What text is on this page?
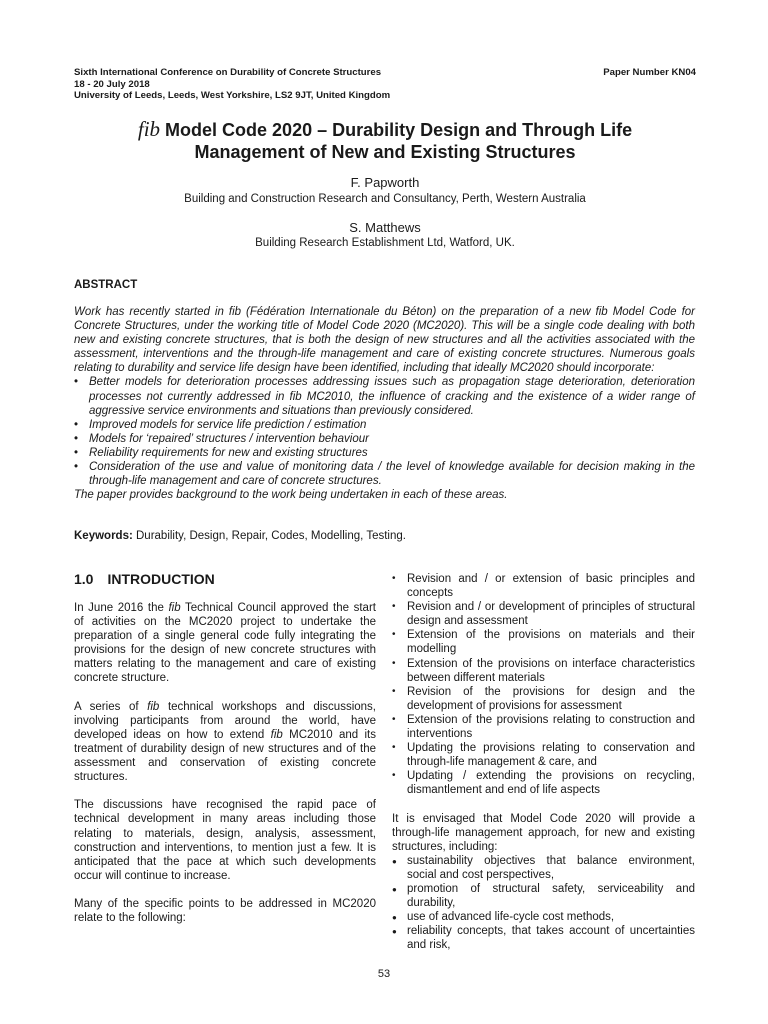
Sixth International Conference on Durability of Concrete Structures
18 - 20 July 2018
University of Leeds, Leeds, West Yorkshire, LS2 9JT, United Kingdom
Paper Number KN04
fib Model Code 2020 – Durability Design and Through Life
Management of New and Existing Structures
F. Papworth
Building and Construction Research and Consultancy, Perth, Western Australia
S. Matthews
Building Research Establishment Ltd, Watford, UK.
ABSTRACT

Work has recently started in fib (Fédération Internationale du Béton) on the preparation of a new fib Model Code for Concrete Structures, under the working title of Model Code 2020 (MC2020). This will be a single code dealing with both new and existing concrete structures, that is both the design of new structures and all the activities associated with the assessment, interventions and the through-life management and care of existing concrete structures. Numerous goals relating to durability and service life design have been identified, including that ideally MC2020 should incorporate:

• Better models for deterioration processes addressing issues such as propagation stage deterioration, deterioration processes not currently addressed in fib MC2010, the influence of cracking and the existence of a wider range of aggressive service environments and situations than previously considered.
• Improved models for service life prediction / estimation
• Models for ‘repaired’ structures / intervention behaviour
• Reliability requirements for new and existing structures
• Consideration of the use and value of monitoring data / the level of knowledge available for decision making in the through-life management and care of concrete structures.

The paper provides background to the work being undertaken in each of these areas.

Keywords: Durability, Design, Repair, Codes, Modelling, Testing.
1.0 INTRODUCTION

In June 2016 the fib Technical Council approved the start of activities on the MC2020 project to undertake the preparation of a single general code fully integrating the provisions for the design of new concrete structures with matters relating to the management and care of existing concrete structure.

A series of fib technical workshops and discussions, involving participants from around the world, have developed ideas on how to extend fib MC2010 and its treatment of durability design of new structures and of the assessment and conservation of existing concrete structures.

The discussions have recognised the rapid pace of technical development in many areas including those relating to materials, design, analysis, assessment, construction and interventions, to mention just a few. It is anticipated that the pace at which such developments occur will continue to increase.

Many of the specific points to be addressed in MC2020 relate to the following:

• Revision and / or extension of basic principles and concepts
• Revision and / or development of principles of structural design and assessment
• Extension of the provisions on materials and their modelling
• Extension of the provisions on interface characteristics between different materials
• Revision of the provisions for design and the development of provisions for assessment
• Extension of the provisions relating to construction and interventions
• Updating the provisions relating to conservation and through-life management & care, and
• Updating / extending the provisions on recycling, dismantlement and end of life aspects

It is envisaged that Model Code 2020 will provide a through-life management approach, for new and existing structures, including:

● sustainability objectives that balance environment, social and cost perspectives,
● promotion of structural safety, serviceability and durability,
● use of advanced life-cycle cost methods,
● reliability concepts, that takes account of uncertainties and risk,
53
